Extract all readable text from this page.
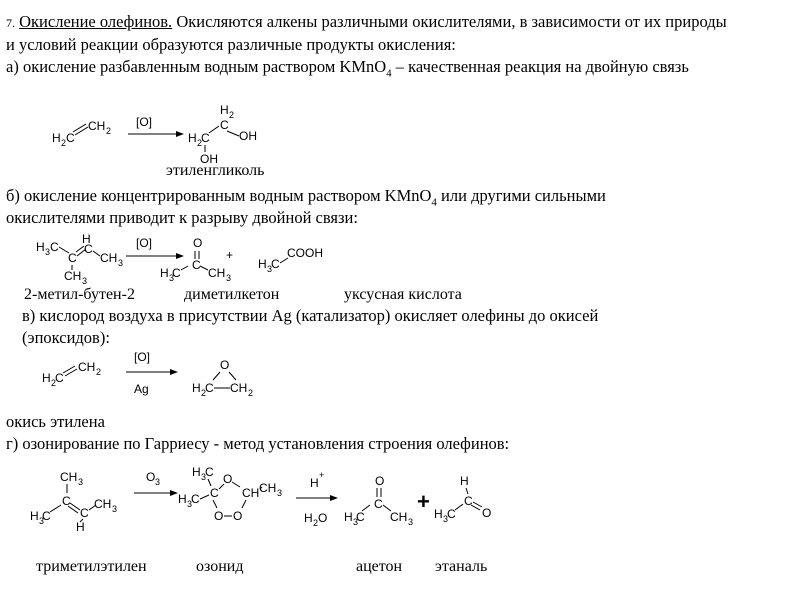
7. Окисление олефинов. Окисляются алкены различными окислителями, в зависимости от их природы
и условий реакции образуются различные продукты окисления:
а) окисление разбавленным водным раствором KMnO$_4$ – качественная реакция на двойную связь
б) окисление концентрированным водным раствором KMnO$_4$ или другими сильными
окислителями приводит к разрыву двойной связи:
2-метил-бутен-2	диметилкетон	уксусная кислота
в) кислород воздуха в присутствии Ag (катализатор) окисляет олефины до окисей
(эпоксидов):
окись этилена
г) озонирование по Гарриесу - метод установления строения олефинов:
триметилэтилен	озонид	ацетон этаналь
этиленгликоль
H 2 C
CH 2
[O]
H 2
C
OH
H 2
C
OH
H 3 C
C
H
C
CH 3
CH 3
[O]	O
C
H 3
C CH 3
+
H 3
C
COOH
H 2
C
CH 2
[O]
Ag
O
H 2
C CH 2
CH 3
C
H 3
C C
CH 3
H
O 3
H 3
C
C
O
CH CH 3
H 3
C
O O
H
+
H 2 O
O
C
H 3
C CH 3
+
H
C
O
H 3
C
